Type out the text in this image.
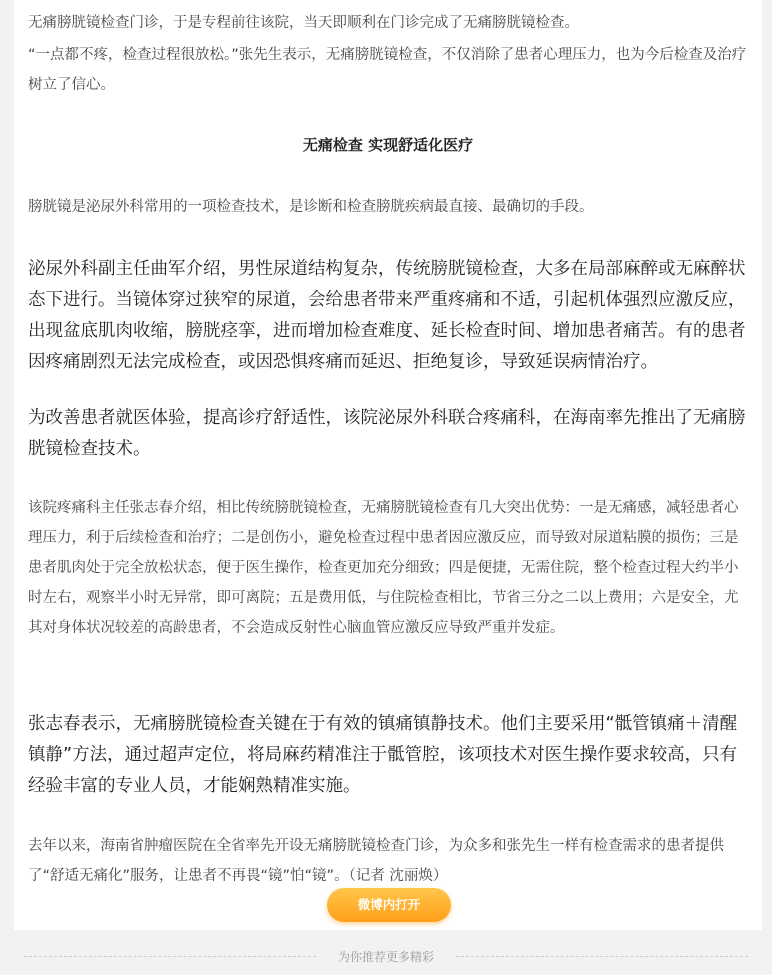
无痛膀胱镜检查门诊，于是专程前往该院，当天即顺利在门诊完成了无痛膀胱镜检查。

“一点都不疼，检查过程很放松。”张先生表示，无痛膀胱镜检查，不仅消除了患者心理压力，也为今后检查及治疗树立了信心。

无痛检查 实现舒适化医疗

膀胱镜是泌尿外科常用的一项检查技术，是诊断和检查膀胱疾病最直接、最确切的手段。

泌尿外科副主任曲军介绍，男性尿道结构复杂，传统膀胱镜检查，大多在局部麻醉或无麻醉状态下进行。当镜体穿过狭窄的尿道，会给患者带来严重疼痛和不适，引起机体强烈应激反应，出现盆底肌肉收缩，膀胱痉挛，进而增加检查难度、延长检查时间、增加患者痛苦。有的患者因疼痛剧烈无法完成检查，或因恐惧疼痛而延迟、拒绝复诊，导致延误病情治疗。

为改善患者就医体验，提高诊疗舒适性，该院泌尿外科联合疼痛科，在海南率先推出了无痛膀胱镜检查技术。

该院疼痛科主任张志春介绍，相比传统膀胱镜检查，无痛膀胱镜检查有几大突出优势：一是无痛感，减轻患者心理压力，利于后续检查和治疗；二是创伤小，避免检查过程中患者因应激反应，而导致对尿道粘膜的损伤；三是患者肌肉处于完全放松状态，便于医生操作，检查更加充分细致；四是便捷，无需住院，整个检查过程大约半小时左右，观察半小时无异常，即可离院；五是费用低，与住院检查相比，节省三分之二以上费用；六是安全，尤其对身体状况较差的高龄患者，不会造成反射性心脑血管应激反应导致严重并发症。

张志春表示，无痛膀胱镜检查关键在于有效的镇痛镇静技术。他们主要采用“骶管镇痛＋清醒镇静”方法，通过超声定位，将局麻药精准注于骶管腔，该项技术对医生操作要求较高，只有经验丰富的专业人员，才能娴熟精准实施。

去年以来，海南省肿瘤医院在全省率先开设无痛膀胱镜检查门诊，为众多和张先生一样有检查需求的患者提供了“舒适无痛化”服务，让患者不再畏“镜”怕“镜”。（记者 沈丽焕）

微博内打开
为你推荐更多精彩
